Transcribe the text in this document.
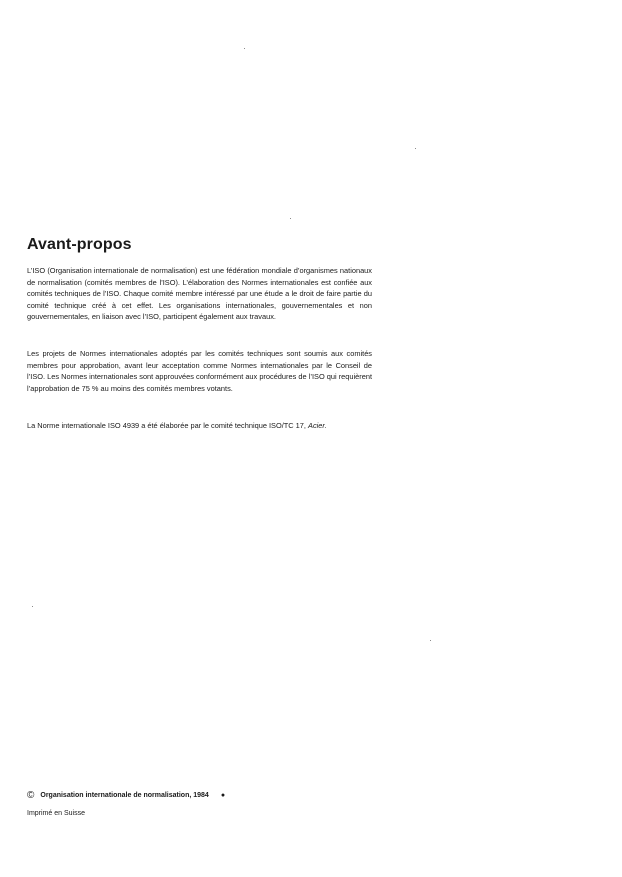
Avant-propos

L’ISO (Organisation internationale de normalisation) est une fédération mondiale d’organismes nationaux de normalisation (comités membres de l’ISO). L’élaboration des Normes internationales est confiée aux comités techniques de l’ISO. Chaque comité membre intéressé par une étude a le droit de faire partie du comité technique créé à cet effet. Les organisations internationales, gouvernementales et non gouvernementales, en liaison avec l’ISO, participent également aux travaux.

Les projets de Normes internationales adoptés par les comités techniques sont soumis aux comités membres pour approbation, avant leur acceptation comme Normes internationales par le Conseil de l’ISO. Les Normes internationales sont approuvées conformément aux procédures de l’ISO qui requièrent l’approbation de 75 % au moins des comités membres votants.

La Norme internationale ISO 4939 a été élaborée par le comité technique ISO/TC 17, Acier.

© Organisation internationale de normalisation, 1984 ●
Imprimé en Suisse
